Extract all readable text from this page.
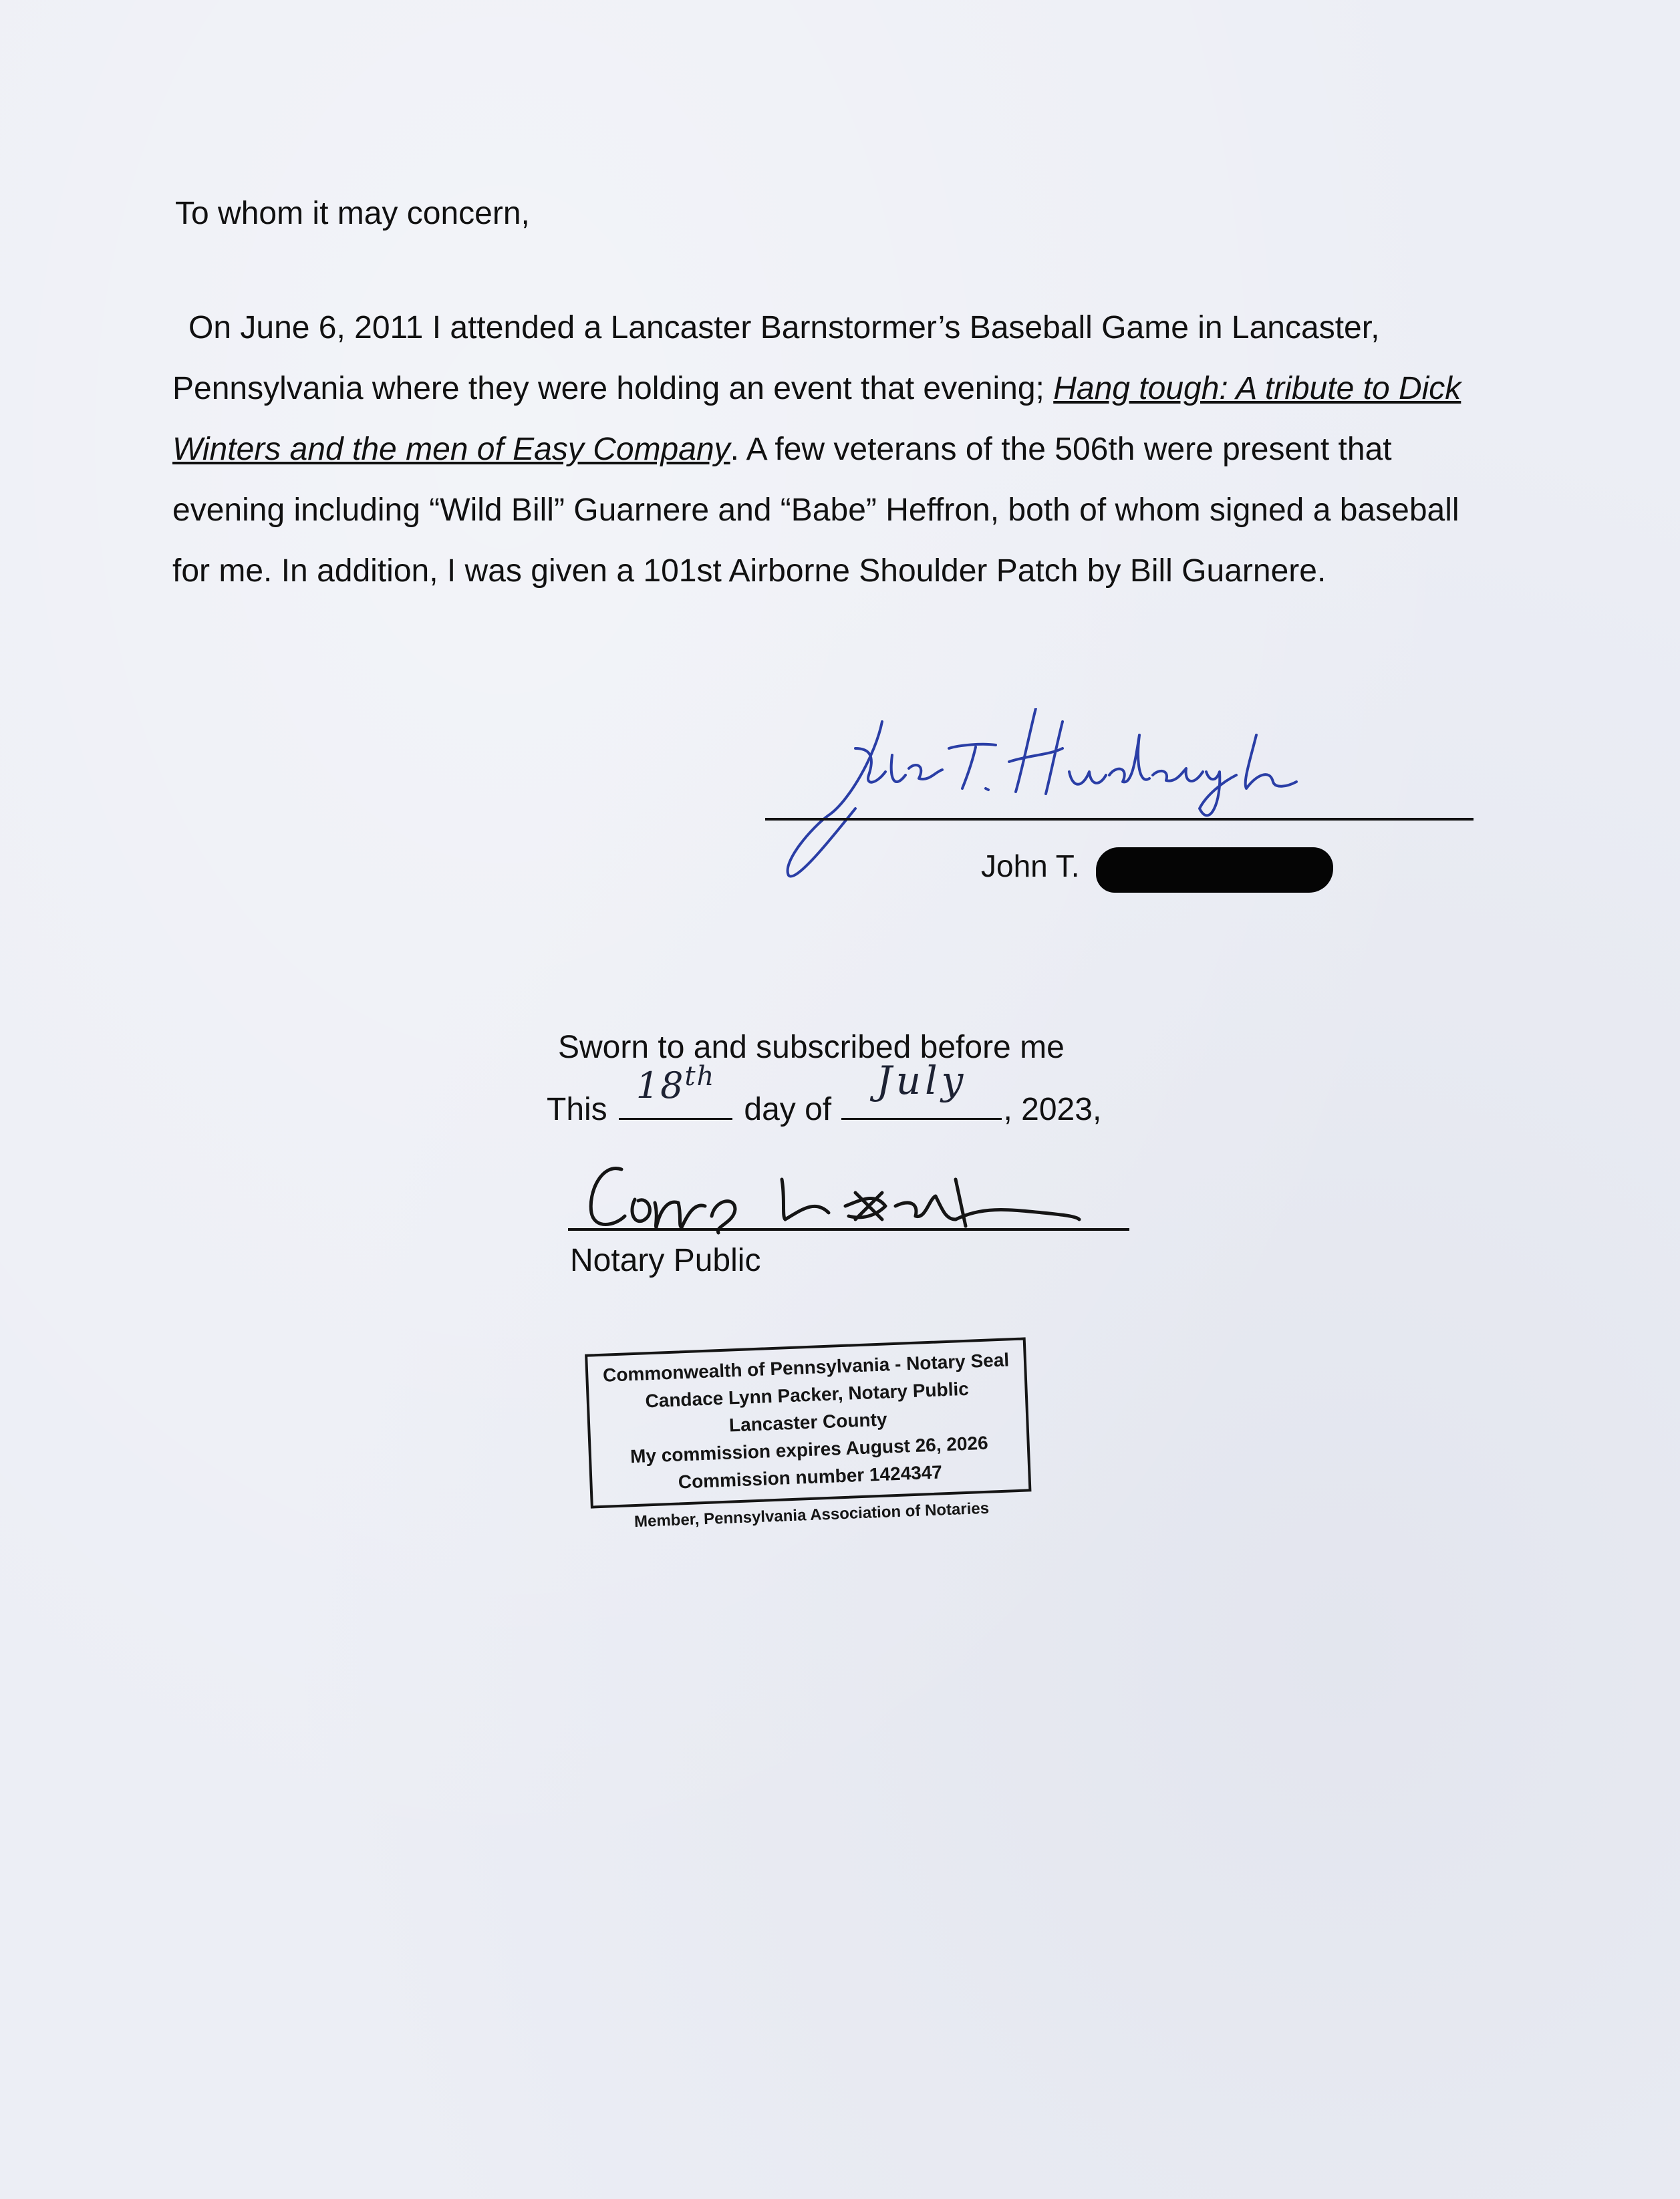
To whom it may concern,

On June 6, 2011 I attended a Lancaster Barnstormer’s Baseball Game in Lancaster, Pennsylvania where they were holding an event that evening; Hang tough: A tribute to Dick Winters and the men of Easy Company. A few veterans of the 506th were present that evening including “Wild Bill” Guarnere and “Babe” Heffron, both of whom signed a baseball for me. In addition, I was given a 101st Airborne Shoulder Patch by Bill Guarnere.

John T.
Sworn to and subscribed before me
This
18th
day of
July
, 2023,
Notary Public
Commonwealth of Pennsylvania - Notary Seal
Candace Lynn Packer, Notary Public
Lancaster County
My commission expires August 26, 2026
Commission number 1424347
Member, Pennsylvania Association of Notaries
